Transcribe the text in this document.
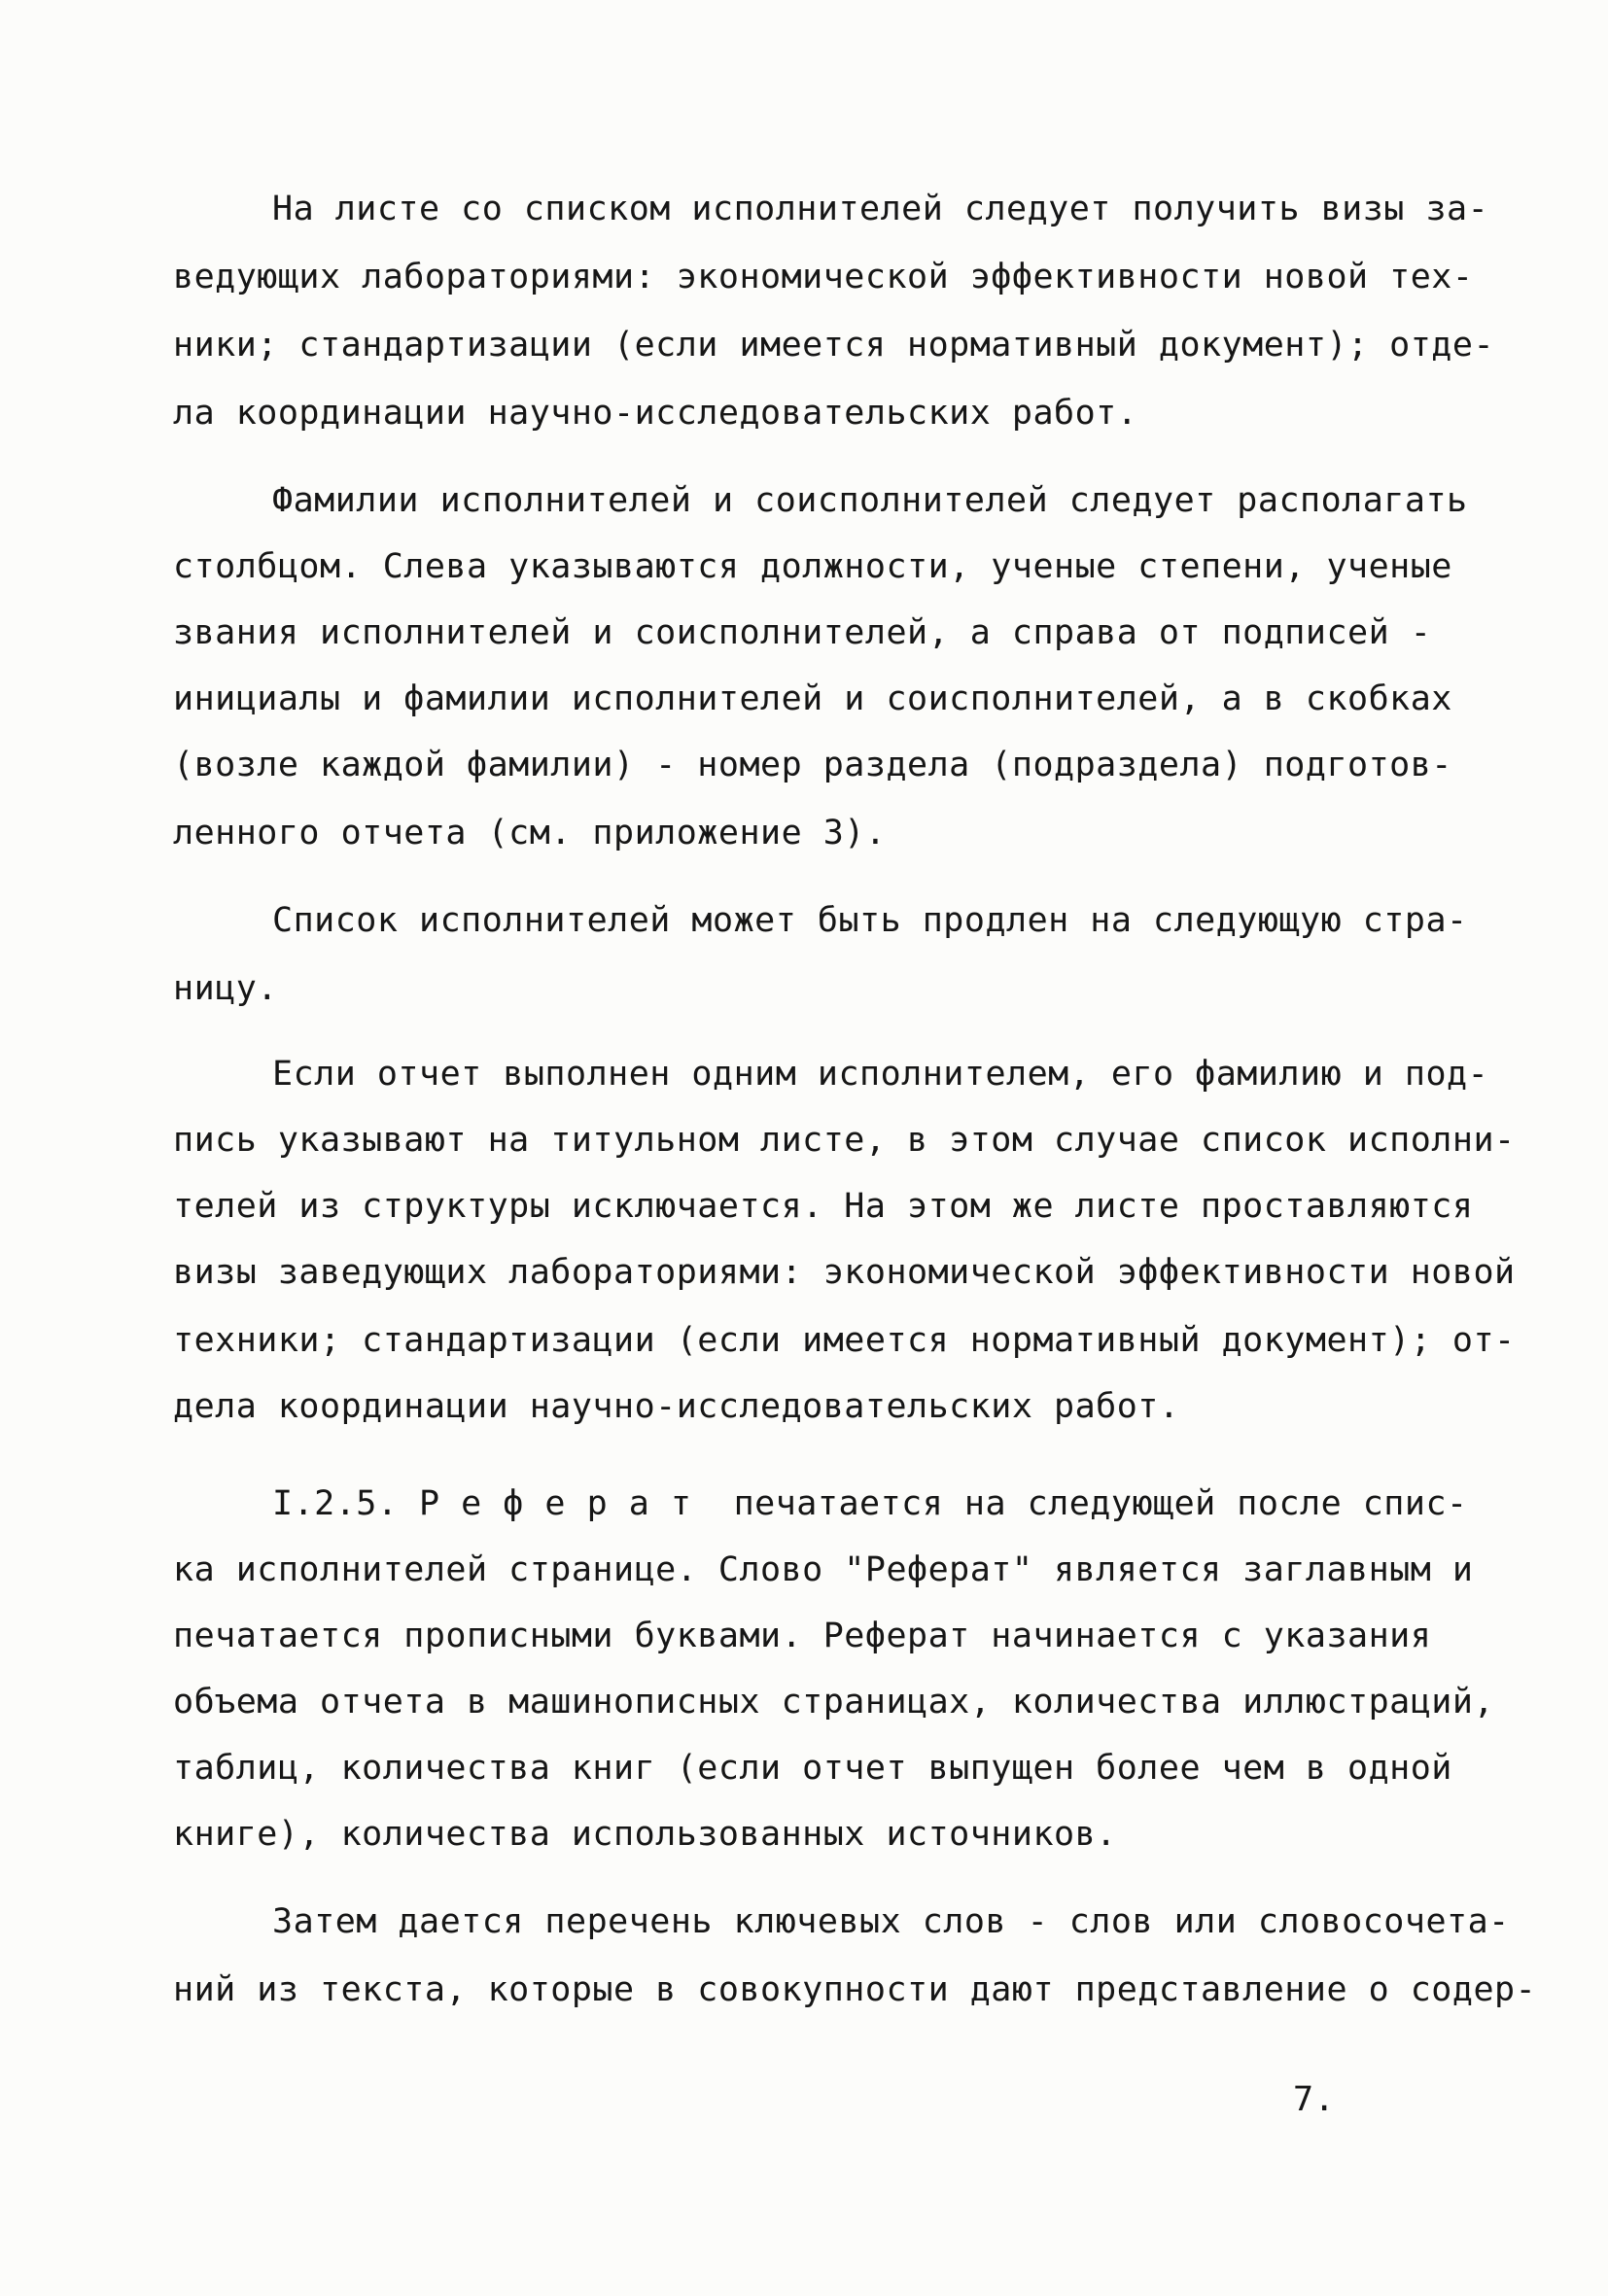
На листе со списком исполнителей следует получить визы за-
ведующих лабораториями: экономической эффективности новой тех-
ники; стандартизации (если имеется нормативный документ); отде-
ла координации научно-исследовательских работ.
Фамилии исполнителей и соисполнителей следует располагать
столбцом. Слева указываются должности, ученые степени, ученые
звания исполнителей и соисполнителей, а справа от подписей -
инициалы и фамилии исполнителей и соисполнителей, а в скобках
(возле каждой фамилии) - номер раздела (подраздела) подготов-
ленного отчета (см. приложение 3).
Список исполнителей может быть продлен на следующую стра-
ницу.
Если отчет выполнен одним исполнителем, его фамилию и под-
пись указывают на титульном листе, в этом случае список исполни-
телей из структуры исключается. На этом же листе проставляются
визы заведующих лабораториями: экономической эффективности новой
техники; стандартизации (если имеется нормативный документ); от-
дела координации научно-исследовательских работ.
I.2.5. Р е ф е р а т  печатается на следующей после спис-
ка исполнителей странице. Слово "Реферат" является заглавным и
печатается прописными буквами. Реферат начинается с указания
объема отчета в машинописных страницах, количества иллюстраций,
таблиц, количества книг (если отчет выпущен более чем в одной
книге), количества использованных источников.
Затем дается перечень ключевых слов - слов или словосочета-
ний из текста, которые в совокупности дают представление о содер-
7.
